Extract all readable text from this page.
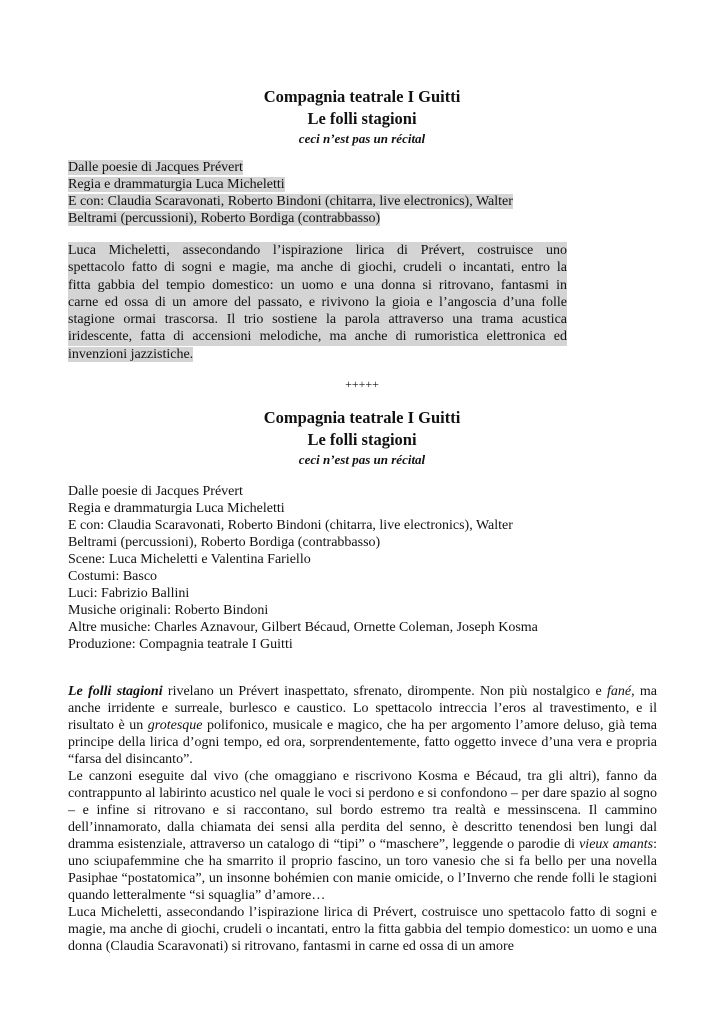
Compagnia teatrale I Guitti
Le folli stagioni
ceci n’est pas un récital
Dalle poesie di Jacques Prévert
Regia e drammaturgia Luca Micheletti
E con: Claudia Scaravonati, Roberto Bindoni (chitarra, live electronics), Walter
Beltrami (percussioni), Roberto Bordiga (contrabbasso)
Luca Micheletti, assecondando l’ispirazione lirica di Prévert, costruisce uno
spettacolo fatto di sogni e magie, ma anche di giochi, crudeli o incantati, entro la
fitta gabbia del tempio domestico: un uomo e una donna si ritrovano, fantasmi in
carne ed ossa di un amore del passato, e rivivono la gioia e l’angoscia d’una folle
stagione ormai trascorsa. Il trio sostiene la parola attraverso una trama acustica
iridescente, fatta di accensioni melodiche, ma anche di rumoristica elettronica ed
invenzioni jazzistiche.
+++++
Compagnia teatrale I Guitti
Le folli stagioni
ceci n’est pas un récital
Dalle poesie di Jacques Prévert
Regia e drammaturgia Luca Micheletti
E con: Claudia Scaravonati, Roberto Bindoni (chitarra, live electronics), Walter
Beltrami (percussioni), Roberto Bordiga (contrabbasso)
Scene: Luca Micheletti e Valentina Fariello
Costumi: Basco
Luci: Fabrizio Ballini
Musiche originali: Roberto Bindoni
Altre musiche: Charles Aznavour, Gilbert Bécaud, Ornette Coleman, Joseph Kosma
Produzione: Compagnia teatrale I Guitti
Le folli stagioni rivelano un Prévert inaspettato, sfrenato, dirompente. Non più nostalgico e fané, ma anche irridente e surreale, burlesco e caustico. Lo spettacolo intreccia l’eros al travestimento, e il risultato è un grotesque polifonico, musicale e magico, che ha per argomento l’amore deluso, già tema principe della lirica d’ogni tempo, ed ora, sorprendentemente, fatto oggetto invece d’una vera e propria “farsa del disincanto”.
Le canzoni eseguite dal vivo (che omaggiano e riscrivono Kosma e Bécaud, tra gli altri), fanno da contrappunto al labirinto acustico nel quale le voci si perdono e si confondono – per dare spazio al sogno – e infine si ritrovano e si raccontano, sul bordo estremo tra realtà e messinscena. Il cammino dell’innamorato, dalla chiamata dei sensi alla perdita del senno, è descritto tenendosi ben lungi dal dramma esistenziale, attraverso un catalogo di “tipi” o “maschere”, leggende o parodie di vieux amants: uno sciupafemmine che ha smarrito il proprio fascino, un toro vanesio che si fa bello per una novella Pasiphae “postatomica”, un insonne bohémien con manie omicide, o l’Inverno che rende folli le stagioni quando letteralmente “si squaglia” d’amore…
Luca Micheletti, assecondando l’ispirazione lirica di Prévert, costruisce uno spettacolo fatto di sogni e magie, ma anche di giochi, crudeli o incantati, entro la fitta gabbia del tempio domestico: un uomo e una donna (Claudia Scaravonati) si ritrovano, fantasmi in carne ed ossa di un amore
